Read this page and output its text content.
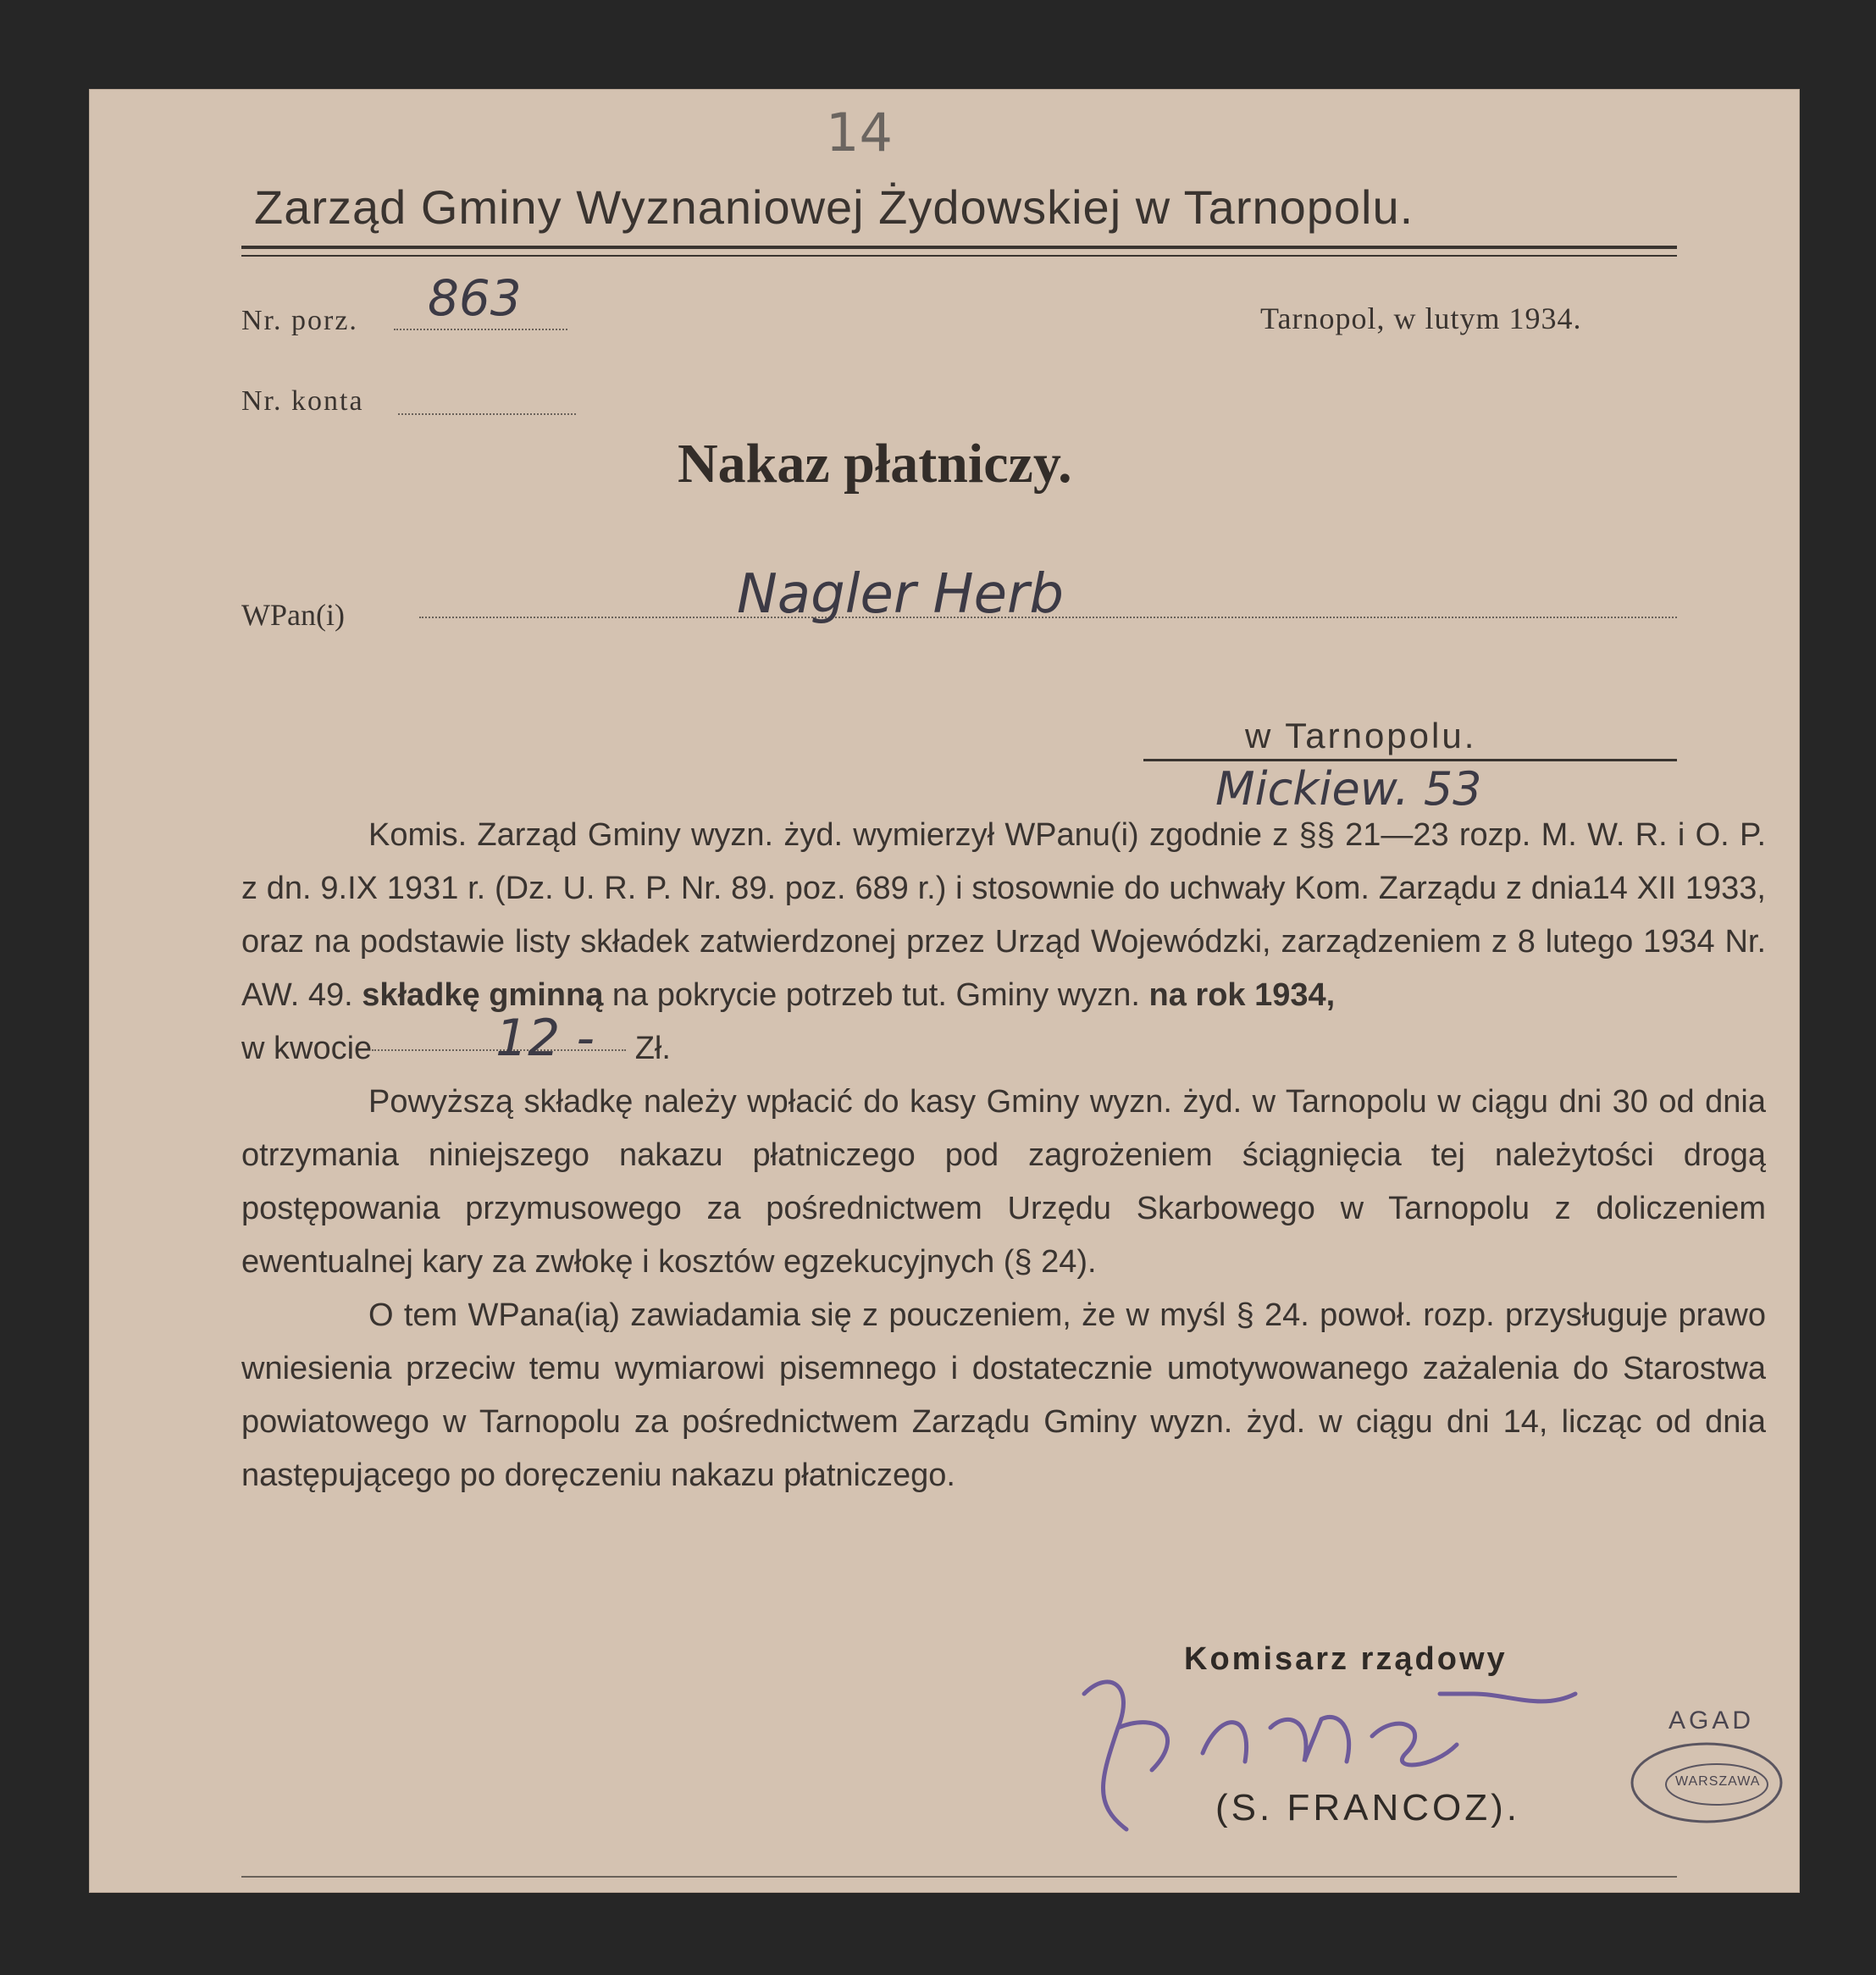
14
Zarząd Gminy Wyznaniowej Żydowskiej w Tarnopolu.
Nr. porz. 863	Tarnopol, w lutym 1934.
Nr. konta
Nakaz płatniczy.
WPan(i)	Nagler Herb
w Tarnopolu.
Mickiew. 53

Komis. Zarząd Gminy wyzn. żyd. wymierzył WPanu(i) zgodnie z §§ 21—23 rozp. M. W. R. i O. P. z dn. 9.IX 1931 r. (Dz. U. R. P. Nr. 89. poz. 689 r.) i stosownie do uchwały Kom. Zarządu z dnia14 XII 1933, oraz na podstawie listy składek zatwierdzonej przez Urząd Wojewódzki, zarządzeniem z 8 lutego 1934 Nr. AW. 49. składkę gminną na pokrycie potrzeb tut. Gminy wyzn. na rok 1934,

w kwocie	Zł.
12 -

Powyższą składkę należy wpłacić do kasy Gminy wyzn. żyd. w Tarnopolu w ciągu dni 30 od dnia otrzymania niniejszego nakazu płatniczego pod zagrożeniem ściągnięcia tej należytości drogą postępowania przymusowego za pośrednictwem Urzędu Skarbowego w Tarnopolu z doliczeniem ewentualnej kary za zwłokę i kosztów egzekucyjnych (§ 24).

O tem WPana(ią) zawiadamia się z pouczeniem, że w myśl § 24. powoł. rozp. przysługuje prawo wniesienia przeciw temu wymiarowi pisemnego i dostatecznie umotywowanego zażalenia do Starostwa powiatowego w Tarnopolu za pośrednictwem Zarządu Gminy wyzn. żyd. w ciągu dni 14, licząc od dnia następującego po doręczeniu nakazu płatniczego.

Komisarz rządowy
(S. FRANCOZ).
AGAD
WARSZAWA
